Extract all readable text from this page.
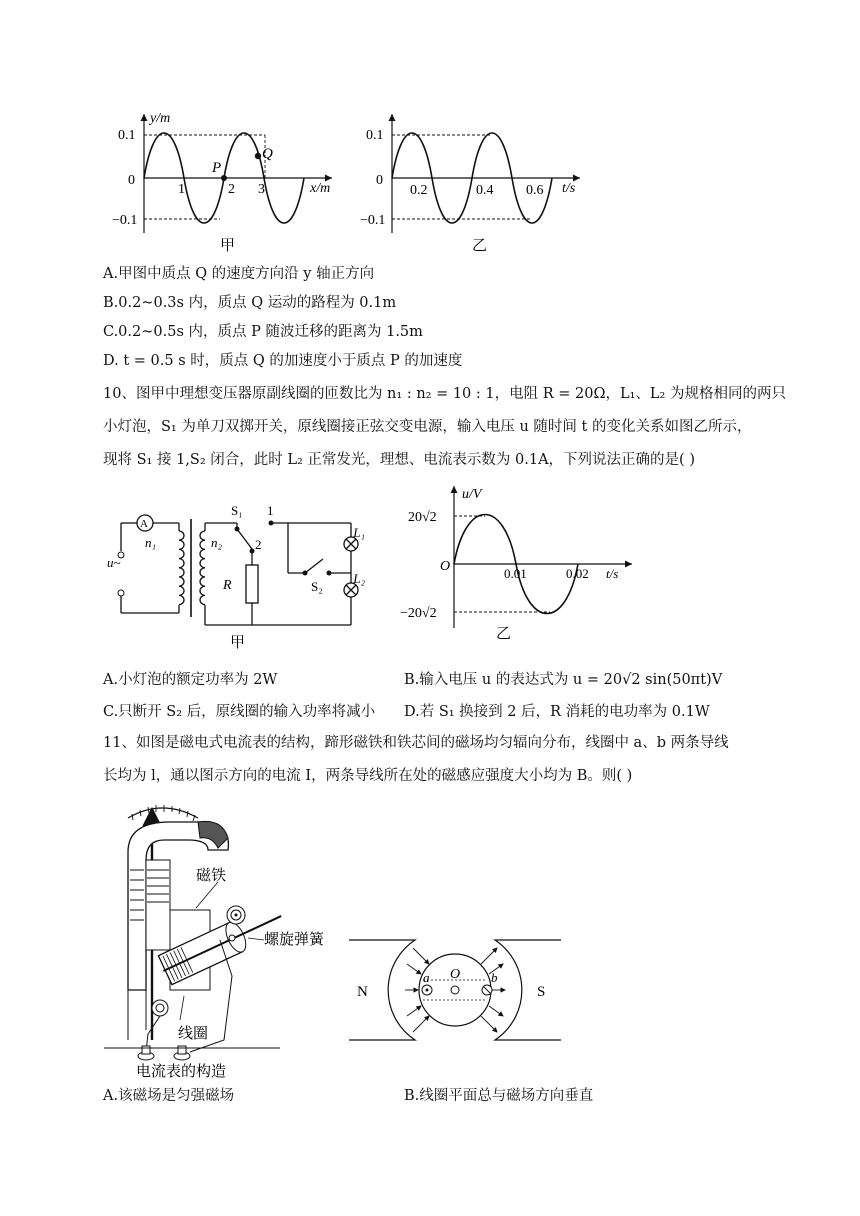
y/m
x/m
0.1
0
−0.1
1	2 3
P
Q
甲
0.1
0
−0.1
0.2	0.4 0.6 t/s
乙
A.甲图中质点 Q 的速度方向沿 y 轴正方向
B.0.2~0.3s 内，质点 Q 运动的路程为 0.1m
C.0.2~0.5s 内，质点 P 随波迁移的距离为 1.5m
D. t = 0.5 s 时，质点 Q 的加速度小于质点 P 的加速度
10、图甲中理想变压器原副线圈的匝数比为 n₁ : n₂ = 10 : 1，电阻 R = 20Ω，L₁、L₂ 为规格相同的两只
小灯泡，S₁ 为单刀双掷开关，原线圈接正弦交变电源，输入电压 u 随时间 t 的变化关系如图乙所示，
现将 S₁ 接 1,S₂ 闭合，此时 L₂ 正常发光，理想、电流表示数为 0.1A，下列说法正确的是( )
A
u~
n₁	n₂
R
S₁ 1
2
S₂
L₁
L₂
甲
u/V
20√2
−20√2
O	0.01	0.02 t/s
乙
A.小灯泡的额定功率为 2W	B.输入电压 u 的表达式为 u = 20√2 sin(50πt)V
C.只断开 S₂ 后，原线圈的输入功率将减小 D.若 S₁ 换接到 2 后，R 消耗的电功率为 0.1W
11、如图是磁电式电流表的结构，蹄形磁铁和铁芯间的磁场均匀辐向分布，线圈中 a、b 两条导线
长均为 l，通以图示方向的电流 I，两条导线所在处的磁感应强度大小均为 B。则( )
磁铁
螺旋弹簧
线圈
电流表的构造
N	S
O
a	b
A.该磁场是匀强磁场	B.线圈平面总与磁场方向垂直
